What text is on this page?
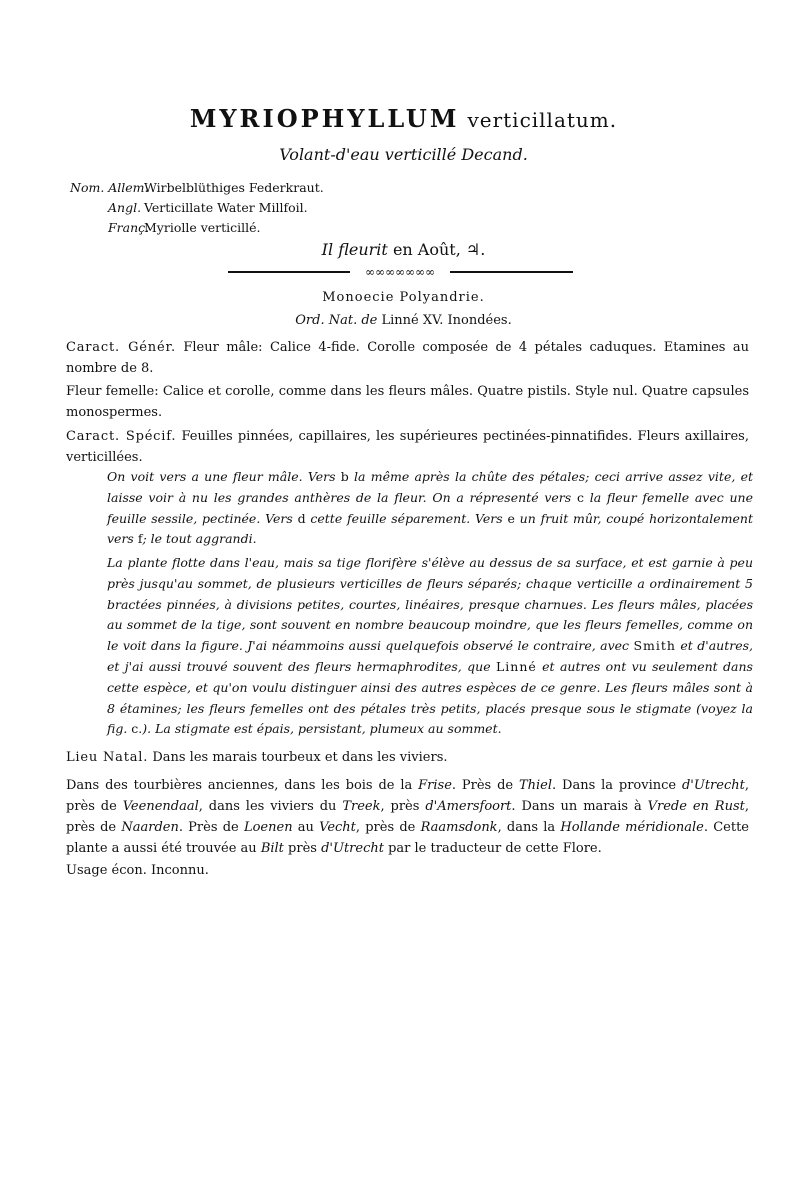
MYRIOPHYLLUM verticillatum.
Volant-d'eau verticillé Decand.
Nom. Allem. Wirbelblüthiges Federkraut.
Angl. Verticillate Water Millfoil.
Franç. Myriolle verticillé.
Il fleurit en Août, ♃.
∞∞∞∞∞∞∞
Monoecie Polyandrie.
Ord. Nat. de Linné XV. Inondées.
Caract. Génér. Fleur mâle: Calice 4-fide. Corolle composée de 4 pétales caduques. Etamines au nombre de 8.
Fleur femelle: Calice et corolle, comme dans les fleurs mâles. Quatre pistils. Style nul. Quatre capsules monospermes.
Caract. Spécif. Feuilles pinnées, capillaires, les supérieures pectinées-pinnatifides. Fleurs axillaires, verticillées.
On voit vers a une fleur mâle. Vers b la même après la chûte des pétales; ceci arrive assez vite, et laisse voir à nu les grandes anthères de la fleur. On a répresenté vers c la fleur femelle avec une feuille sessile, pectinée. Vers d cette feuille séparement. Vers e un fruit mûr, coupé horizontalement vers f; le tout aggrandi.
La plante flotte dans l'eau, mais sa tige florifère s'élève au dessus de sa surface, et est garnie à peu près jusqu'au sommet, de plusieurs verticilles de fleurs séparés; chaque verticille a ordinairement 5 bractées pinnées, à divisions petites, courtes, linéaires, presque charnues. Les fleurs mâles, placées au sommet de la tige, sont souvent en nombre beaucoup moindre, que les fleurs femelles, comme on le voit dans la figure. J'ai néammoins aussi quelquefois observé le contraire, avec Smith et d'autres, et j'ai aussi trouvé souvent des fleurs hermaphrodites, que Linné et autres ont vu seulement dans cette espèce, et qu'on voulu distinguer ainsi des autres espèces de ce genre. Les fleurs mâles sont à 8 étamines; les fleurs femelles ont des pétales très petits, placés presque sous le stigmate (voyez la fig. c.). La stigmate est épais, persistant, plumeux au sommet.
Lieu Natal. Dans les marais tourbeux et dans les viviers.
Dans des tourbières anciennes, dans les bois de la Frise. Près de Thiel. Dans la province d'Utrecht, près de Veenendaal, dans les viviers du Treek, près d'Amersfoort. Dans un marais à Vrede en Rust, près de Naarden. Près de Loenen au Vecht, près de Raamsdonk, dans la Hollande méridionale. Cette plante a aussi été trouvée au Bilt près d'Utrecht par le traducteur de cette Flore.
Usage écon. Inconnu.
